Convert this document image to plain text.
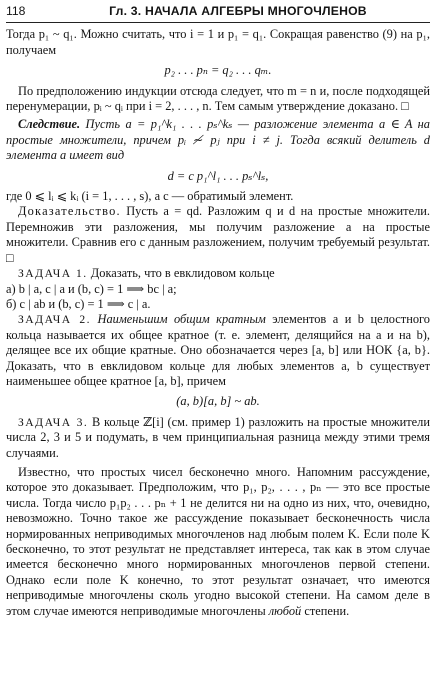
118	Гл. 3. НАЧАЛА АЛГЕБРЫ МНОГОЧЛЕНОВ

Тогда p₁ ~ q₁. Можно считать, что i = 1 и p₁ = q₁. Сокращая равенство (9) на p₁, получаем

p₂ . . . pₙ = q₂ . . . qₘ.

По предположению индукции отсюда следует, что m = n и, после подходящей перенумерации, pᵢ ~ qᵢ при i = 2, . . . , n. Тем самым утверждение доказано. □

Следствие. Пусть a = p₁^k₁ . . . pₛ^kₛ — разложение элемента a ∈ A на простые множители, причем pᵢ ≁ pⱼ при i ≠ j. Тогда всякий делитель d элемента a имеет вид

d = c p₁^l₁ . . . pₛ^lₛ,

где 0 ⩽ lᵢ ⩽ kᵢ (i = 1, . . . , s), a c — обратимый элемент.

Доказательство. Пусть a = qd. Разложим q и d на простые множители. Перемножив эти разложения, мы получим разложение a на простые множители. Сравнив его с данным разложением, получим требуемый результат. □

ЗАДАЧА 1. Доказать, что в евклидовом кольце

а) b | a, c | a и (b, c) = 1 ⟹ bc | a;

б) c | ab и (b, c) = 1 ⟹ c | a.

ЗАДАЧА 2. Наименьшим общим кратным элементов a и b целостного кольца называется их общее кратное (т. е. элемент, делящийся на a и на b), делящее все их общие кратные. Оно обозначается через [a, b] или НОК {a, b}. Доказать, что в евклидовом кольце для любых элементов a, b существует наименьшее общее кратное [a, b], причем

(a, b)[a, b] ~ ab.

ЗАДАЧА 3. В кольце ℤ[i] (см. пример 1) разложить на простые множители числа 2, 3 и 5 и подумать, в чем принципиальная разница между этими тремя случаями.

Известно, что простых чисел бесконечно много. Напомним рассуждение, которое это доказывает. Предположим, что p₁, p₂, . . . , pₙ — это все простые числа. Тогда число p₁p₂ . . . pₙ + 1 не делится ни на одно из них, что, очевидно, невозможно. Точно такое же рассуждение показывает бесконечность числа нормированных неприводимых многочленов над любым полем K. Если поле K бесконечно, то этот результат не представляет интереса, так как в этом случае имеется бесконечно много нормированных многочленов первой степени. Однако если поле K конечно, то этот результат означает, что имеются неприводимые многочлены сколь угодно высокой степени. На самом деле в этом случае имеются неприводимые многочлены любой степени.
